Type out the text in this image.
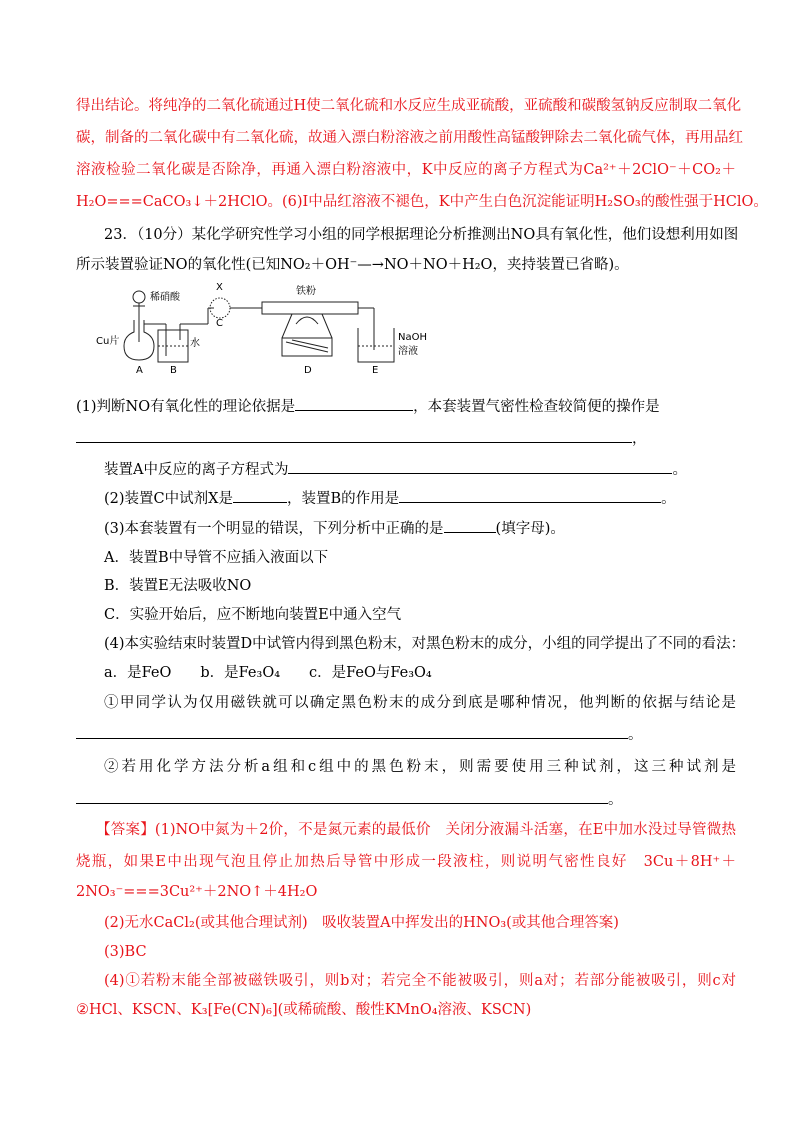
得出结论。将纯净的二氧化硫通过H使二氧化硫和水反应生成亚硫酸，亚硫酸和碳酸氢钠反应制取二氧化
碳，制备的二氧化碳中有二氧化硫，故通入漂白粉溶液之前用酸性高锰酸钾除去二氧化硫气体，再用品红
溶液检验二氧化碳是否除净，再通入漂白粉溶液中，K中反应的离子方程式为Ca²⁺＋2ClO⁻＋CO₂＋
H₂O===CaCO₃↓＋2HClO。(6)I中品红溶液不褪色，K中产生白色沉淀能证明H₂SO₃的酸性强于HClO。
23．（10分）某化学研究性学习小组的同学根据理论分析推测出NO具有氧化性，他们设想利用如图
所示装置验证NO的氧化性(已知NO₂＋OH⁻—→NO＋NO＋H₂O，夹持装置已省略)。
稀硝酸
X	铁粉
Cu片	水
NaOH
溶液
A	B
C
D	E
(1)判断NO有氧化性的理论依据是	，本套装置气密性检查较简便的操作是
，
装置A中反应的离子方程式为	。
(2)装置C中试剂X是	，装置B的作用是	。
(3)本套装置有一个明显的错误，下列分析中正确的是	(填字母)。
A．装置B中导管不应插入液面以下
B．装置E无法吸收NO
C．实验开始后，应不断地向装置E中通入空气
(4)本实验结束时装置D中试管内得到黑色粉末，对黑色粉末的成分，小组的同学提出了不同的看法：
a．是FeO　　b．是Fe₃O₄　　c．是FeO与Fe₃O₄
①甲同学认为仅用磁铁就可以确定黑色粉末的成分到底是哪种情况，他判断的依据与结论是
。
②若用化学方法分析a组和c组中的黑色粉末，则需要使用三种试剂，这三种试剂是
。
【答案】(1)NO中氮为＋2价，不是氮元素的最低价　关闭分液漏斗活塞，在E中加水没过导管微热
烧瓶，如果E中出现气泡且停止加热后导管中形成一段液柱，则说明气密性良好　3Cu＋8H⁺＋
2NO₃⁻===3Cu²⁺＋2NO↑＋4H₂O
(2)无水CaCl₂(或其他合理试剂)　吸收装置A中挥发出的HNO₃(或其他合理答案)
(3)BC
(4)①若粉末能全部被磁铁吸引，则b对；若完全不能被吸引，则a对；若部分能被吸引，则c对
②HCl、KSCN、K₃[Fe(CN)₆](或稀硫酸、酸性KMnO₄溶液、KSCN)
